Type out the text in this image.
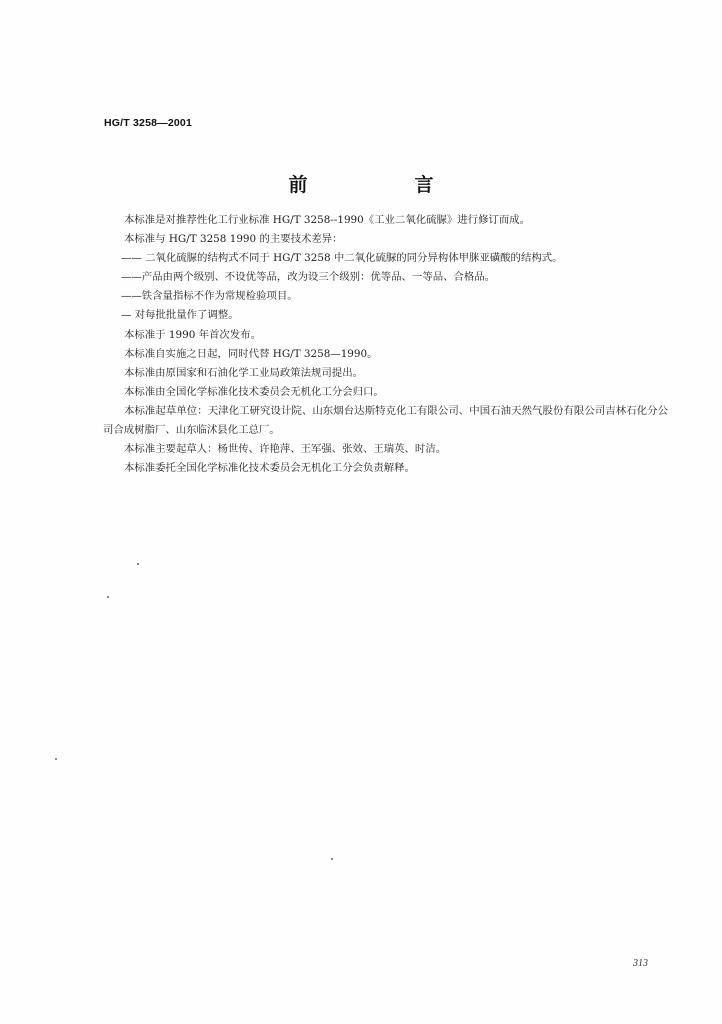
HG/T 3258—2001
前　言

本标准是对推荐性化工行业标准 HG/T 3258--1990《工业二氧化硫脲》进行修订而成。

本标准与 HG/T 3258 1990 的主要技术差异：

—— 二氧化硫脲的结构式不同于 HG/T 3258 中二氧化硫脲的同分异构体甲脒亚磺酸的结构式。

——产品由两个级别、不设优等品，改为设三个级别：优等品、一等品、合格品。

——铁含量指标不作为常规检验项目。

— 对每批批量作了调整。

本标准于 1990 年首次发布。

本标准自实施之日起，同时代替 HG/T 3258—1990。

本标准由原国家和石油化学工业局政策法规司提出。

本标准由全国化学标准化技术委员会无机化工分会归口。

本标准起草单位：天津化工研究设计院、山东烟台达斯特克化工有限公司、中国石油天然气股份有限公司吉林石化分公司合成树脂厂、山东临沭县化工总厂。

本标准主要起草人：杨世传、许艳萍、王军强、张效、王瑞英、时洁。

本标准委托全国化学标准化技术委员会无机化工分会负责解释。

313
